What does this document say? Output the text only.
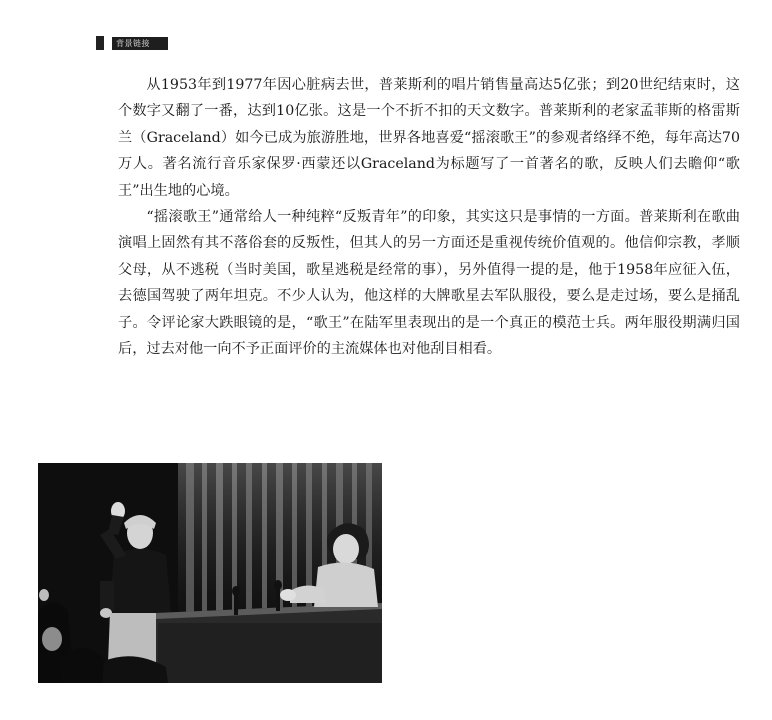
背景链接

从1953年到1977年因心脏病去世，普莱斯利的唱片销售量高达5亿张；到20世纪结束时，这个数字又翻了一番，达到10亿张。这是一个不折不扣的天文数字。普莱斯利的老家孟菲斯的格雷斯兰（Graceland）如今已成为旅游胜地，世界各地喜爱“摇滚歌王”的参观者络绎不绝，每年高达70万人。著名流行音乐家保罗·西蒙还以Graceland为标题写了一首著名的歌，反映人们去瞻仰“歌王”出生地的心境。

“摇滚歌王”通常给人一种纯粹“反叛青年”的印象，其实这只是事情的一方面。普莱斯利在歌曲演唱上固然有其不落俗套的反叛性，但其人的另一方面还是重视传统价值观的。他信仰宗教，孝顺父母，从不逃税（当时美国，歌星逃税是经常的事），另外值得一提的是，他于1958年应征入伍，去德国驾驶了两年坦克。不少人认为，他这样的大牌歌星去军队服役，要么是走过场，要么是捅乱子。令评论家大跌眼镜的是，“歌王”在陆军里表现出的是一个真正的模范士兵。两年服役期满归国后，过去对他一向不予正面评价的主流媒体也对他刮目相看。
